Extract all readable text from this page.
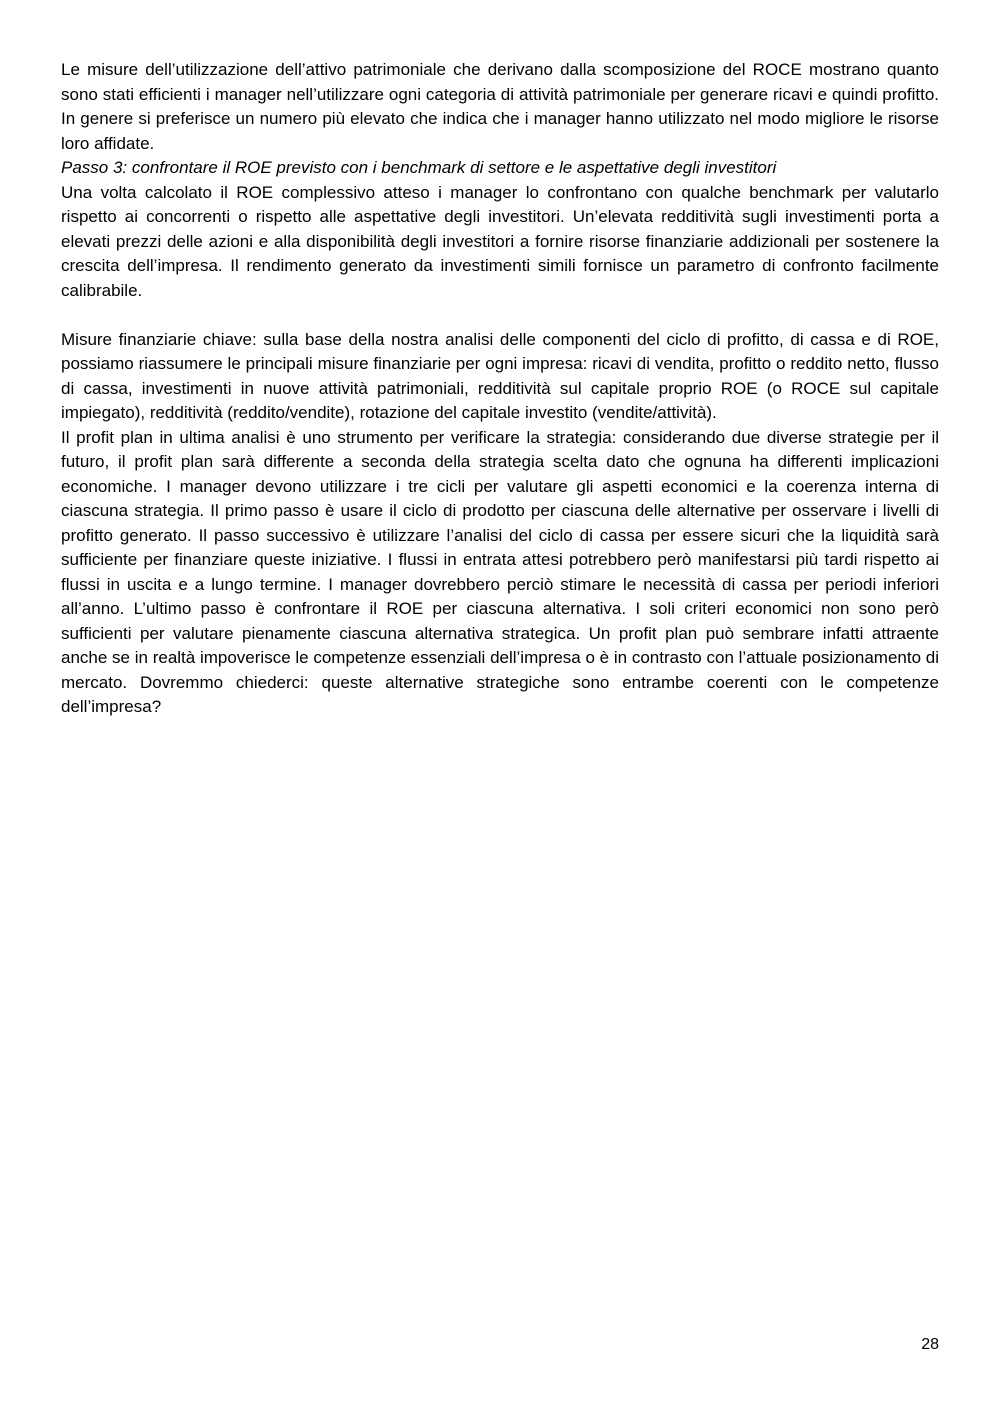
Le misure dell’utilizzazione dell’attivo patrimoniale che derivano dalla scomposizione del ROCE mostrano quanto sono stati efficienti i manager nell’utilizzare ogni categoria di attività patrimoniale per generare ricavi e quindi profitto. In genere si preferisce un numero più elevato che indica che i manager hanno utilizzato nel modo migliore le risorse loro affidate.

Passo 3: confrontare il ROE previsto con i benchmark di settore e le aspettative degli investitori

Una volta calcolato il ROE complessivo atteso i manager lo confrontano con qualche benchmark per valutarlo rispetto ai concorrenti o rispetto alle aspettative degli investitori. Un’elevata redditività sugli investimenti porta a elevati prezzi delle azioni e alla disponibilità degli investitori a fornire risorse finanziarie addizionali per sostenere la crescita dell’impresa. Il rendimento generato da investimenti simili fornisce un parametro di confronto facilmente calibrabile.

Misure finanziarie chiave: sulla base della nostra analisi delle componenti del ciclo di profitto, di cassa e di ROE, possiamo riassumere le principali misure finanziarie per ogni impresa: ricavi di vendita, profitto o reddito netto, flusso di cassa, investimenti in nuove attività patrimoniali, redditività sul capitale proprio ROE (o ROCE sul capitale impiegato), redditività (reddito/vendite), rotazione del capitale investito (vendite/attività).

Il profit plan in ultima analisi è uno strumento per verificare la strategia: considerando due diverse strategie per il futuro, il profit plan sarà differente a seconda della strategia scelta dato che ognuna ha differenti implicazioni economiche. I manager devono utilizzare i tre cicli per valutare gli aspetti economici e la coerenza interna di ciascuna strategia. Il primo passo è usare il ciclo di prodotto per ciascuna delle alternative per osservare i livelli di profitto generato. Il passo successivo è utilizzare l’analisi del ciclo di cassa per essere sicuri che la liquidità sarà sufficiente per finanziare queste iniziative. I flussi in entrata attesi potrebbero però manifestarsi più tardi rispetto ai flussi in uscita e a lungo termine. I manager dovrebbero perciò stimare le necessità di cassa per periodi inferiori all’anno. L’ultimo passo è confrontare il ROE per ciascuna alternativa. I soli criteri economici non sono però sufficienti per valutare pienamente ciascuna alternativa strategica. Un profit plan può sembrare infatti attraente anche se in realtà impoverisce le competenze essenziali dell’impresa o è in contrasto con l’attuale posizionamento di mercato. Dovremmo chiederci: queste alternative strategiche sono entrambe coerenti con le competenze dell’impresa?

28
